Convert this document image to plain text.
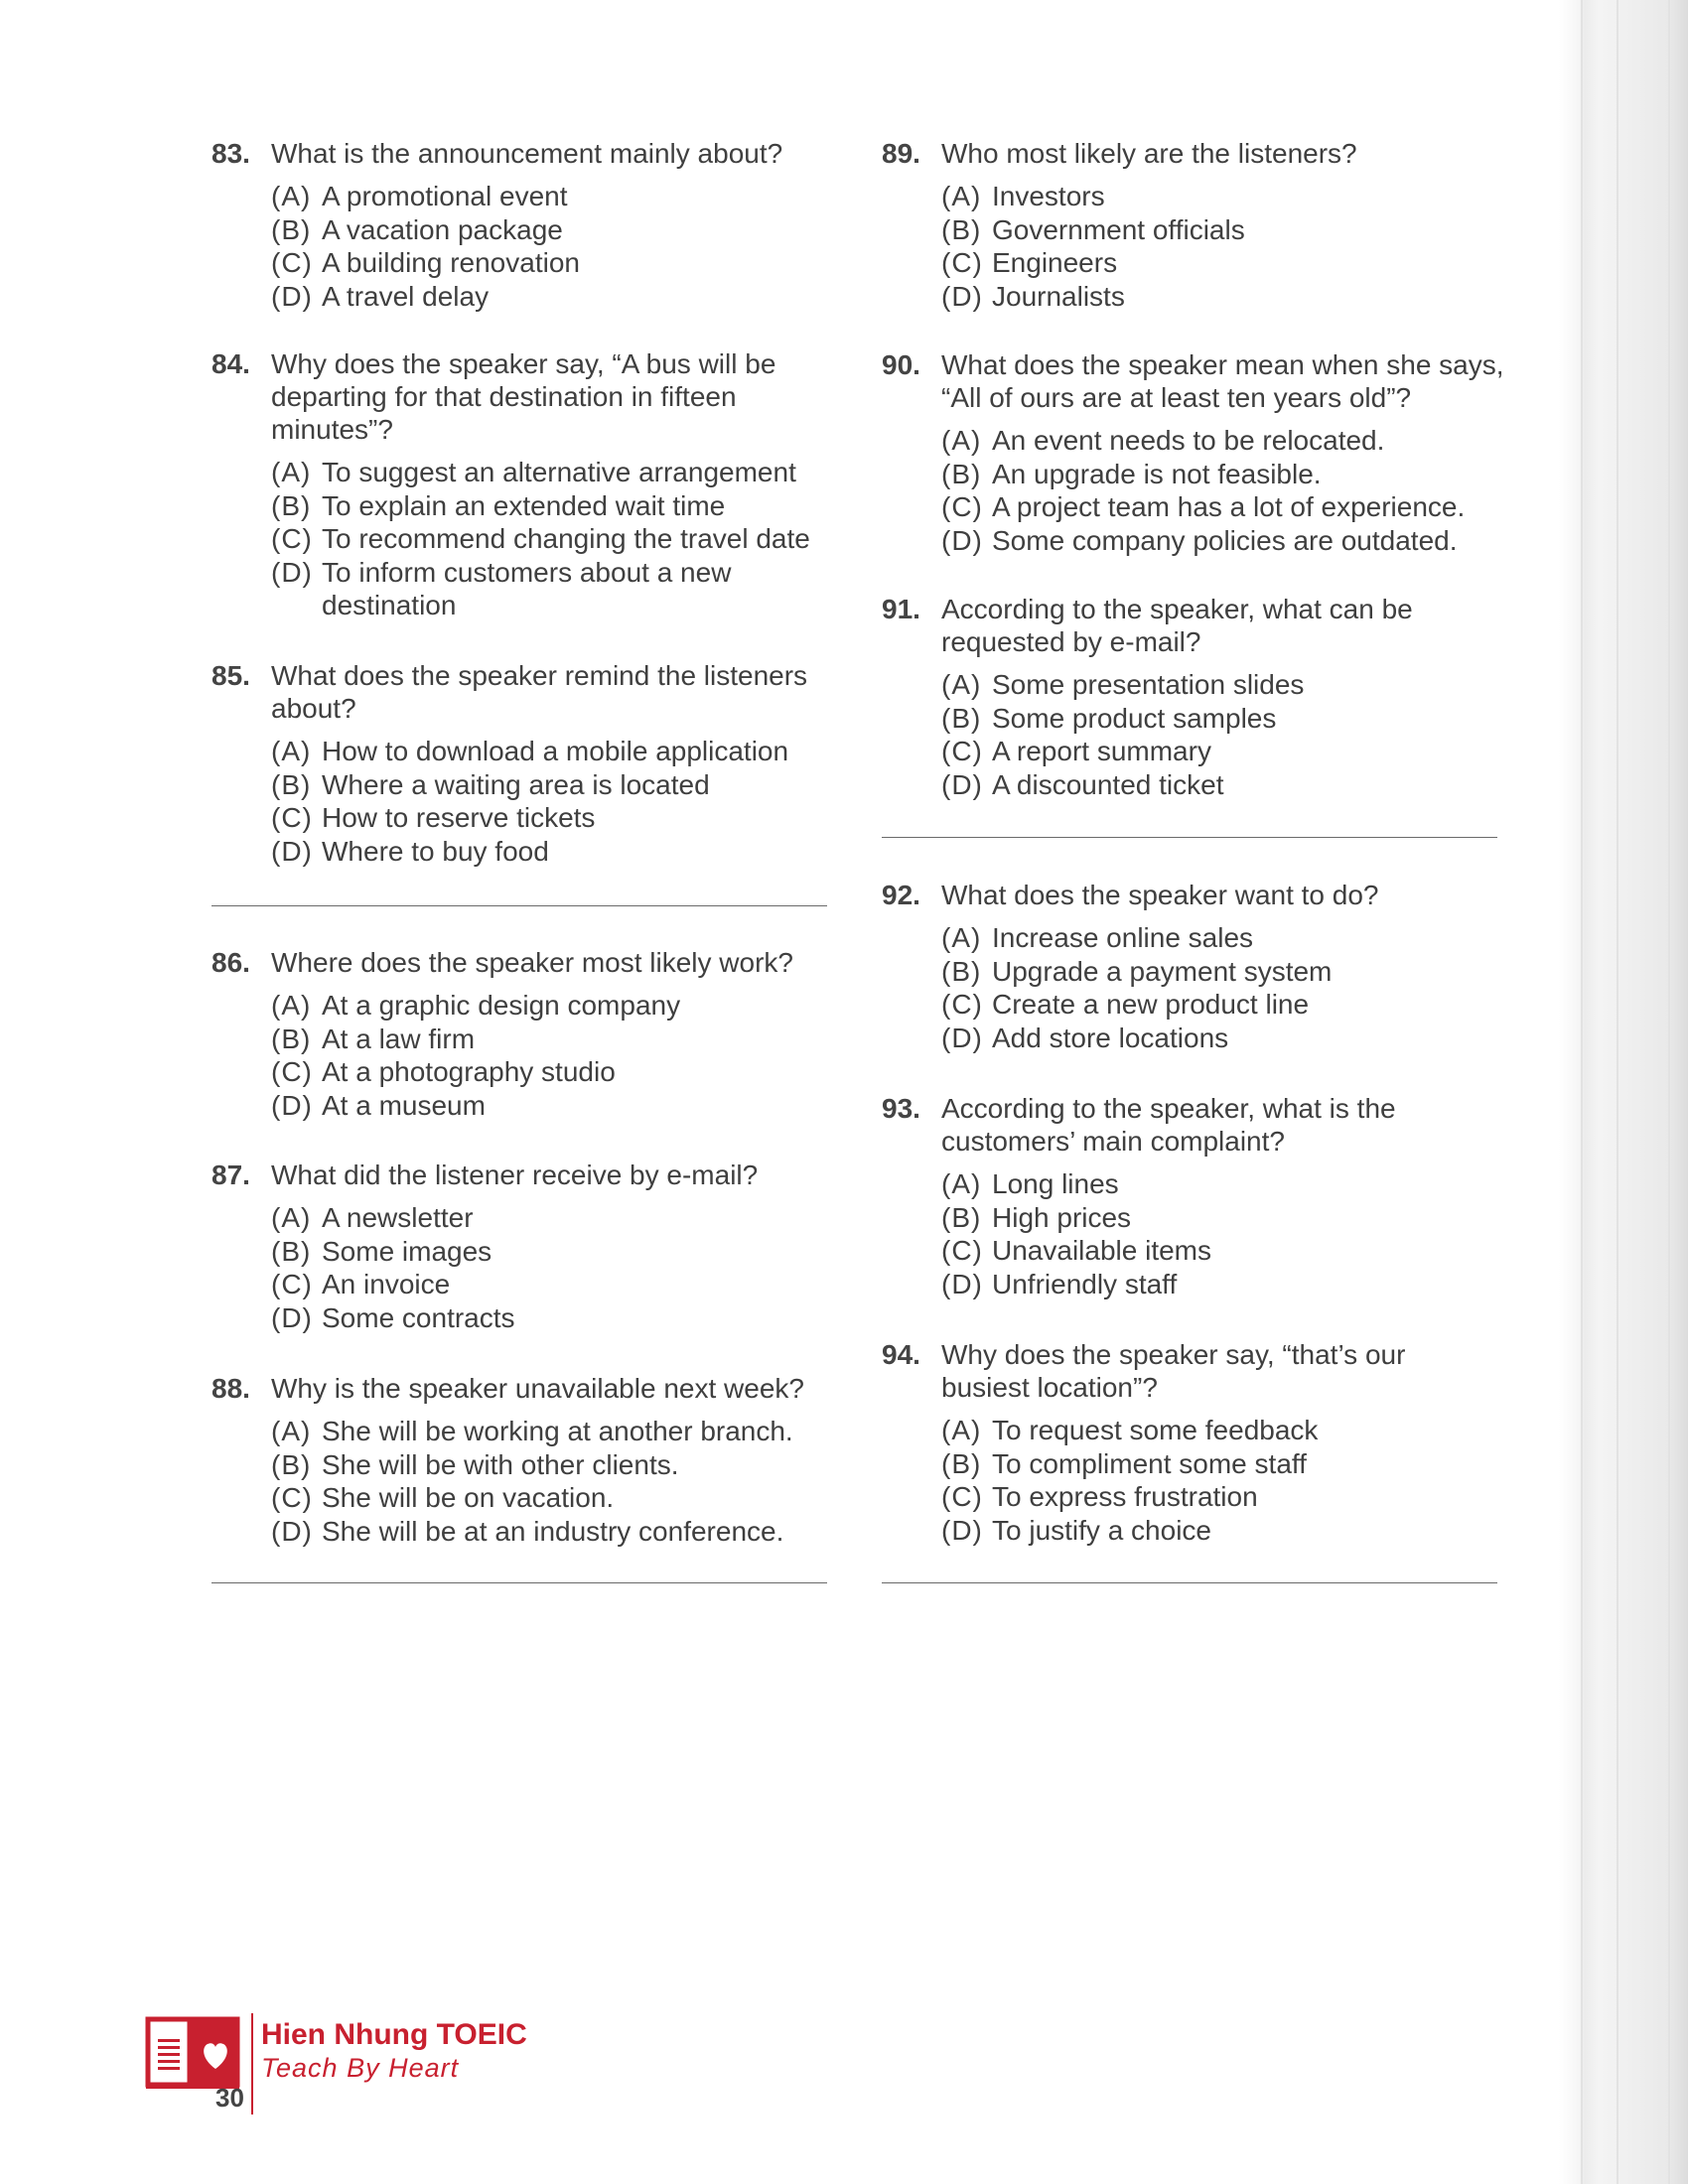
83. What is the announcement mainly about?
(A) A promotional event
(B) A vacation package
(C) A building renovation
(D) A travel delay
84. Why does the speaker say, “A bus will be departing for that destination in fifteen minutes”?
(A) To suggest an alternative arrangement
(B) To explain an extended wait time
(C) To recommend changing the travel date
(D) To inform customers about a new destination
85. What does the speaker remind the listeners about?
(A) How to download a mobile application
(B) Where a waiting area is located
(C) How to reserve tickets
(D) Where to buy food
86. Where does the speaker most likely work?
(A) At a graphic design company
(B) At a law firm
(C) At a photography studio
(D) At a museum
87. What did the listener receive by e-mail?
(A) A newsletter
(B) Some images
(C) An invoice
(D) Some contracts
88. Why is the speaker unavailable next week?
(A) She will be working at another branch.
(B) She will be with other clients.
(C) She will be on vacation.
(D) She will be at an industry conference.
89. Who most likely are the listeners?
(A) Investors
(B) Government officials
(C) Engineers
(D) Journalists
90. What does the speaker mean when she says, “All of ours are at least ten years old”?
(A) An event needs to be relocated.
(B) An upgrade is not feasible.
(C) A project team has a lot of experience.
(D) Some company policies are outdated.
91. According to the speaker, what can be requested by e-mail?
(A) Some presentation slides
(B) Some product samples
(C) A report summary
(D) A discounted ticket
92. What does the speaker want to do?
(A) Increase online sales
(B) Upgrade a payment system
(C) Create a new product line
(D) Add store locations
93. According to the speaker, what is the customers’ main complaint?
(A) Long lines
(B) High prices
(C) Unavailable items
(D) Unfriendly staff
94. Why does the speaker say, “that’s our busiest location”?
(A) To request some feedback
(B) To compliment some staff
(C) To express frustration
(D) To justify a choice
30
Hien Nhung TOEIC
Teach By Heart
